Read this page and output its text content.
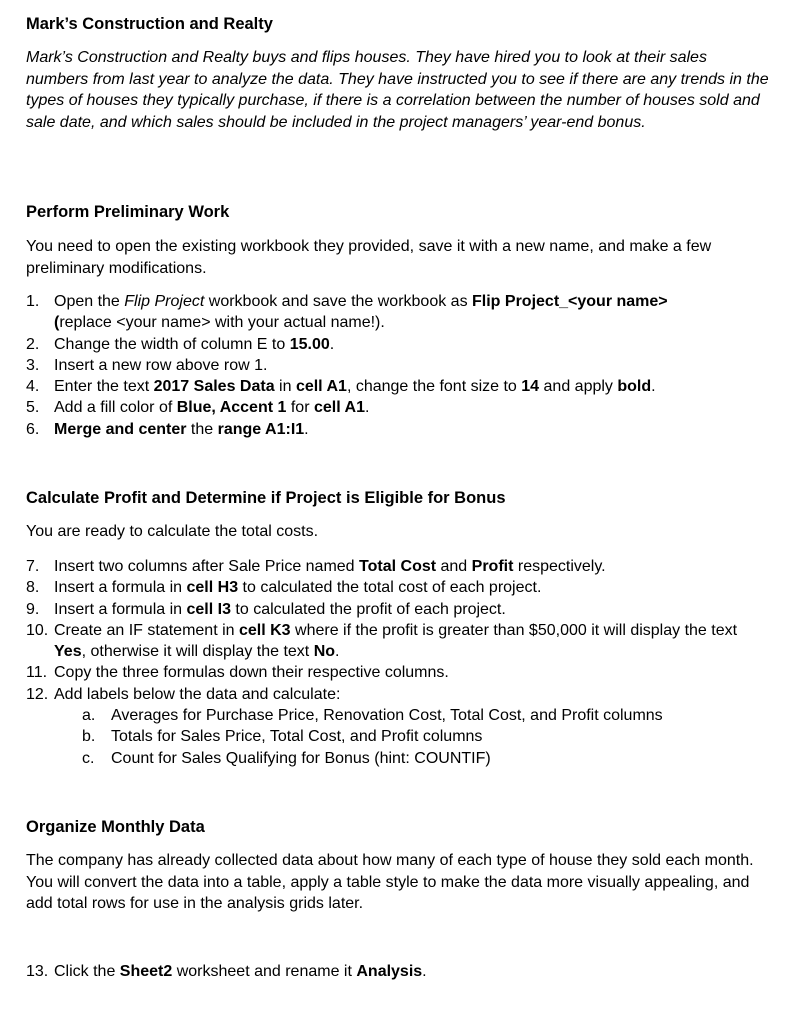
Mark’s Construction and Realty
Mark’s Construction and Realty buys and flips houses. They have hired you to look at their sales numbers from last year to analyze the data. They have instructed you to see if there are any trends in the types of houses they typically purchase, if there is a correlation between the number of houses sold and sale date, and which sales should be included in the project managers’ year-end bonus.
Perform Preliminary Work
You need to open the existing workbook they provided, save it with a new name, and make a few preliminary modifications.
1. Open the Flip Project workbook and save the workbook as Flip Project_<your name>
(replace <your name> with your actual name!).
2. Change the width of column E to 15.00.
3. Insert a new row above row 1.
4. Enter the text 2017 Sales Data in cell A1, change the font size to 14 and apply bold.
5. Add a fill color of Blue, Accent 1 for cell A1.
6. Merge and center the range A1:I1.
Calculate Profit and Determine if Project is Eligible for Bonus
You are ready to calculate the total costs.
7. Insert two columns after Sale Price named Total Cost and Profit respectively.
8. Insert a formula in cell H3 to calculated the total cost of each project.
9. Insert a formula in cell I3 to calculated the profit of each project.
10. Create an IF statement in cell K3 where if the profit is greater than $50,000 it will display the text Yes, otherwise it will display the text No.
11. Copy the three formulas down their respective columns.
12. Add labels below the data and calculate:
a. Averages for Purchase Price, Renovation Cost, Total Cost, and Profit columns
b. Totals for Sales Price, Total Cost, and Profit columns
c.	Count for Sales Qualifying for Bonus (hint: COUNTIF)
Organize Monthly Data
The company has already collected data about how many of each type of house they sold each month. You will convert the data into a table, apply a table style to make the data more visually appealing, and add total rows for use in the analysis grids later.
13. Click the Sheet2 worksheet and rename it Analysis.
